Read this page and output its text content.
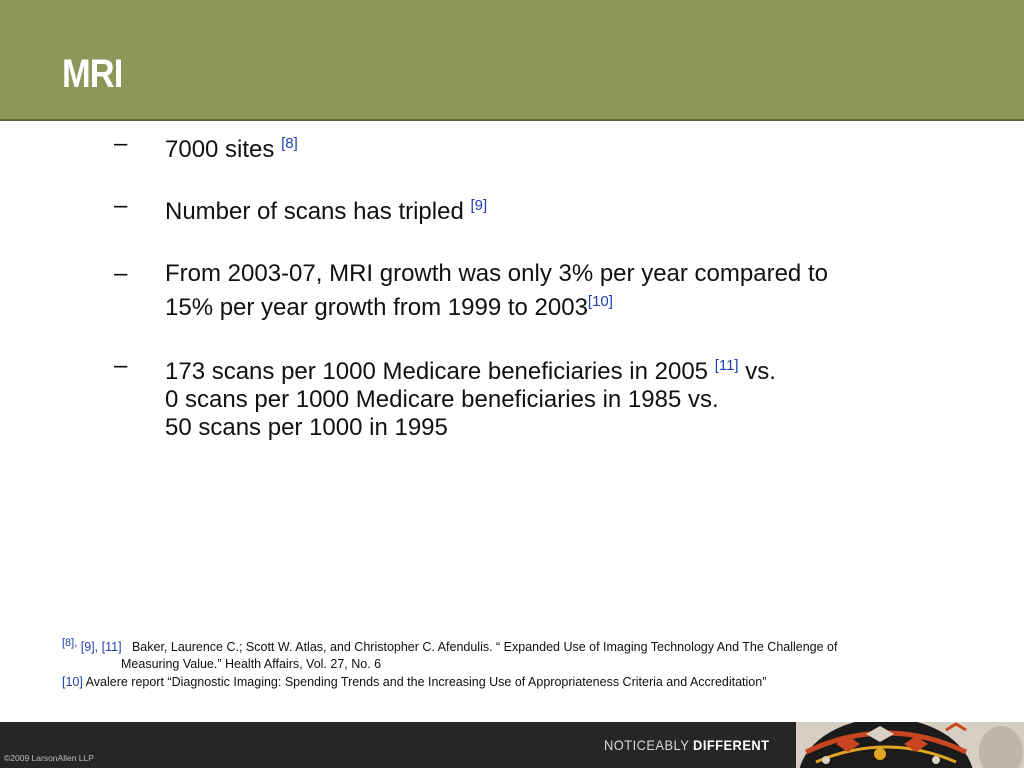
MRI
– 7000 sites [8]
– Number of scans has tripled [9]
– From 2003-07, MRI growth was only 3% per year compared to
15% per year growth from 1999 to 2003[10]
– 173 scans per 1000 Medicare beneficiaries in 2005 [11] vs.
0 scans per 1000 Medicare beneficiaries in 1985 vs.
50 scans per 1000 in 1995
[8], [9], [11] Baker, Laurence C.; Scott W. Atlas, and Christopher C. Afendulis. “ Expanded Use of Imaging Technology And The Challenge of
Measuring Value.” Health Affairs, Vol. 27, No. 6
[10] Avalere report “Diagnostic Imaging: Spending Trends and the Increasing Use of Appropriateness Criteria and Accreditation”
©2009 LarsonAllen LLP
NOTICEABLY DIFFERENT
